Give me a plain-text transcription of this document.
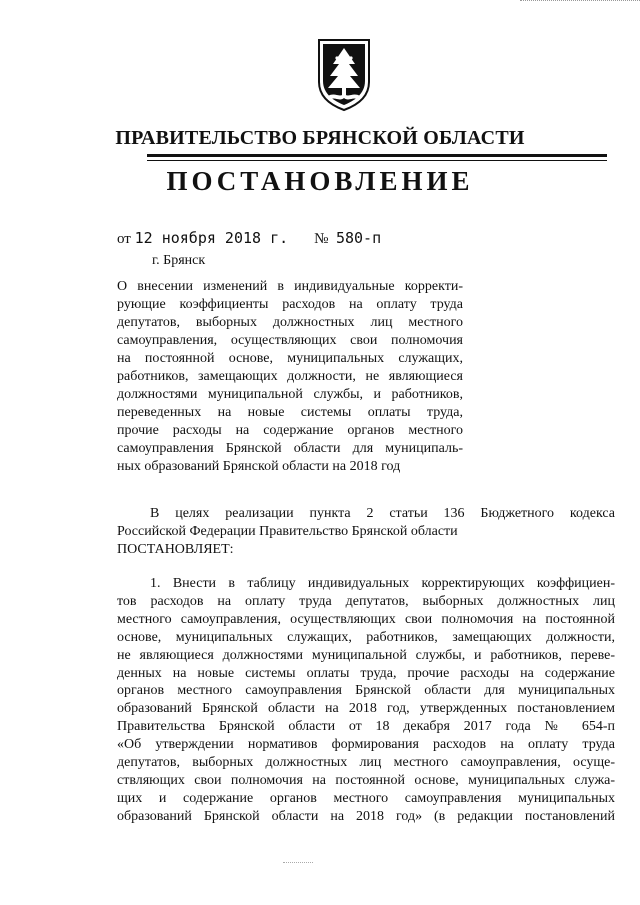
ПРАВИТЕЛЬСТВО БРЯНСКОЙ ОБЛАСТИ
ПОСТАНОВЛЕНИЕ
от 12 ноября 2018 г. № 580-п
г. Брянск
О внесении изменений в индивидуальные корректи-
рующие коэффициенты расходов на оплату труда
депутатов, выборных должностных лиц местного
самоуправления, осуществляющих свои полномочия
на постоянной основе, муниципальных служащих,
работников, замещающих должности, не являющиеся
должностями муниципальной службы, и работников,
переведенных на новые системы оплаты труда,
прочие расходы на содержание органов местного
самоуправления Брянской области для муниципаль-
ных образований Брянской области на 2018 год
В целях реализации пункта 2 статьи 136 Бюджетного кодекса
Российской Федерации Правительство Брянской области
ПОСТАНОВЛЯЕТ:
1. Внести в таблицу индивидуальных корректирующих коэффициен-
тов расходов на оплату труда депутатов, выборных должностных лиц
местного самоуправления, осуществляющих свои полномочия на постоянной
основе, муниципальных служащих, работников, замещающих должности,
не являющиеся должностями муниципальной службы, и работников, переве-
денных на новые системы оплаты труда, прочие расходы на содержание
органов местного самоуправления Брянской области для муниципальных
образований Брянской области на 2018 год, утвержденных постановлением
Правительства Брянской области от 18 декабря 2017 года № 654-п
«Об утверждении нормативов формирования расходов на оплату труда
депутатов, выборных должностных лиц местного самоуправления, осуще-
ствляющих свои полномочия на постоянной основе, муниципальных служа-
щих и содержание органов местного самоуправления муниципальных
образований Брянской области на 2018 год» (в редакции постановлений
